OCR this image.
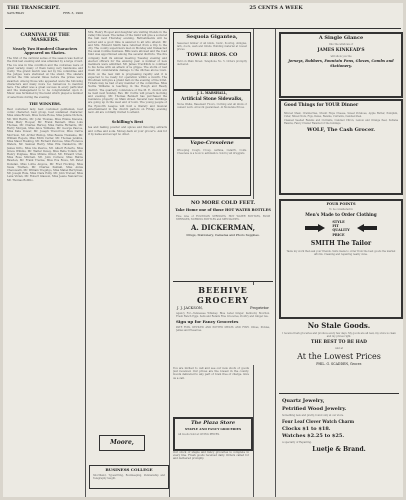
THE TRANSCRIPT.
SATURDAY	FEB. 3, 1900
25 CENTS A WEEK
CARNIVAL OF THE MASKERS.
Nearly Two Hundred Characters Appeared on Skates.
The first of the carnival series of the season was held at the rink last evening and was attended by a large crowd. The ice was in fine condition and the costumes were of great variety, many of them being very handsome and costly. The grand march was led by the committee and the judges were stationed at the stand. The skaters circled the rink several times before the prizes were awarded. Among those who appeared were the following characters and many more too numerous to mention here. The affair was a great success in every particular and the management is to be congratulated upon it. Music was furnished by the band which played a number of selections during the evening.
THE WINNERS.
Best costumed lady, best costumed gentleman, best comic character, best group, best sustained character. Miss Anna Brown, Miss Lizzie Rowe, Miss Jennie Nichols, Mr. Will Harris, Mr. John Thomas, Miss Emma Stevens, Miss Mary Hooper, Mr. Frank Bennett, Miss Lulu Thomas, Mr. Charles Harvey, Miss Nellie Richards, Mr. Harry Morgan, Miss Alice Williams, Mr. George Pascoe, Miss Kate Dower, Mr. Joseph Trevorrow, Miss Carrie Morrison, Mr. Arthur Bishop, Miss Bessie Tremaine, Mr. William Rogers, Miss Edith Carter, Mr. Thomas Jenkins, Miss Maud Hosking, Mr. Richard Penrose, Miss Florence Waters, Mr. Samuel Harry, Miss Ella Nankervis, Mr. James Kitto, Miss Ida Pearce, Mr. Albert Roberts, Miss Grace Wilkins, Mr. Walter Davey, Miss Belle Tonkin, Mr. Henry Polglase, Miss Minnie Oliver, Mr. Edward Uren, Miss Rose Mitchell, Mr. John Curnow, Miss Hattie Bawden, Mr. Frank Trezise, Miss Eva Rowe, Mr. Peter Dunstan, Miss Lottie Angove, Mr. Fred Hocking, Miss Susie Trathen, Mr. Charles Penhall, Miss Annie Chenoweth, Mr. William Tregidgo, Miss Mabel Berryman, Mr. Joseph Rule, Miss Clara Eddy, Mr. John Treloar, Miss Lena Vivian, Mr. Robert Glasson, Miss Jessie Nancarrow, Mr. Thomas Bolitho.
Mrs. Henry Hooper and daughter are visiting friends in the valley this week. The ladies of the Guild will give a social at the hall next Thursday evening. Refreshments will be served and a good time is assured to all who attend. Mr. and Mrs. Edward Smith have returned from a trip to the city. The county supervisors met on Monday and transacted the usual routine business. Bills were allowed and the road fund was apportioned among the several districts. The fire company held its annual meeting Tuesday evening and elected officers for the ensuing year. A number of new members were admitted. Mr. James Trevithick is confined to his home with an attack of la grippe. The storm of last week did considerable damage to the ditches above town. Work on the new mill is progressing rapidly and it is expected to be ready for operation within a month. The Woodmen will give a grand ball on the evening of the 22nd. Tickets may be had of any member of the committee. Miss Nettie Williams is teaching in the Rough and Ready district. The quarterly conference of the M. E. church will be held next Sunday. Rev. Mr. Curtis will preach morning and evening. Mr. Thomas Bennett has purchased the residence property on Main street. Several new buildings are going up in the west end of town. The young people of the Epworth League will hold a literary and musical entertainment in the church parlors on Friday evening next. All are cordially invited to attend.
Schilling's Best
tea and baking powder and spices and flavoring extracts and coffee and soda. Money-back at your grocer's. Ask for it by name and accept no other.
Moore,
BUSINESS COLLEGE
Shorthand, Typewriting, Bookkeeping, Penmanship and Telegraphy taught.
Sequoia Gigantea,
Seasoned lumber of all kinds, rustic, flooring, shingles, lath, doors, sash and blinds. Building material at lowest prices.
TOWLE BROS. CO
Yard on Main Street. Telephone No. 5. Orders promptly delivered.
J. L. MARSHALL,
Artificial Stone Sidewalks,
Stone Walks, Basement Floors, Curbing and all kinds of cement work. All work guaranteed. At Moderate Prices.
Vapo-Cresolene
Whooping Cough, Croup, Asthma, Catarrh, Colds. Cresolene is a boon to asthmatics. Sold by all druggists.
NO MORE COLD FEET.
Take Home one of those HOT WATER BOTTLES
Fine Line of FOUNTAIN SYRINGES, HOT WATER BOTTLES, BULB SYRINGES, NURSING BOTTLES and SPECIALTIES.
A. DICKERMAN,
Drugs, Stationery, Cameras and Photo Supplies.
BEEHIVE
GROCERY
J. J. JACKSON,	Proprietor
Agency For—Tennessee Whiskey. Blue Label Ginger. Kentucky Bourbon. Fresh Ranch Eggs. Sells and Retails Fine Groceries, Poultry and Ginger Ale.
Sign up for Fancy Groceries
PATE FOIS, DEVILED AND POTTED MEATS AND FISH. Olives, Pickles, Jellies and Preserves.
You are invited to call and see our new stock of goods just received. Our prices are the lowest in the county. Goods delivered to any part of town free of charge. Give us a call.
The Plaza Store
STAPLE AND FANCY GROCERIES
All Goods Sold at LIVING PRICES.
Our stock of staple and fancy groceries is complete in every line. Fresh goods received daily. Orders called for and delivered promptly.
A Single Glance
Into the windows of
JAMES KINKEAD'S
will show you the
Jerseys, Rubbers, Fountain Pens, Gloves, Combs and Stationery.
Good Things for YOUR Dinner
Minced Meat, Cranberries, Mount Hope Cheese, Sweet Potatoes, Apple Butter, Pumpkin, Cider, Mixed Nuts, Figs, Dates, Raisins, Currants, Candied Peel.
Cleaned Seeded Raisins and Currants, Candied Citron, Lemon and Orange Peel, Sultana Raisins, Fancy Cluster Raisins for the holidays.
WOLF, The Cash Grocer.
FOUR POINTS
To be considered in
Men's Made to Order Clothing
STYLE
FIT
QUALITY
PRICE
SMITH The Tailor
Taste my work then ask your friends. Suits made to order from the best goods the market affords. Cleaning and repairing neatly done.
No Stale Goods.
I receive fresh groceries and produce every few days. My goods are all new, my store is clean and my prices right.
THE BEST TO BE HAD
And at
At the Lowest Prices
PHIL. G. SCADDEN, Grocer.
Quartz Jewelry,
Petrified Wood Jewelry.
Something new and pretty, found only at our store.
Four Leaf Clover Watch Charm
Clocks $1 to $18.
Watches $2.25 to $25.
A specialty of Repairing.
Luetje & Brand.
